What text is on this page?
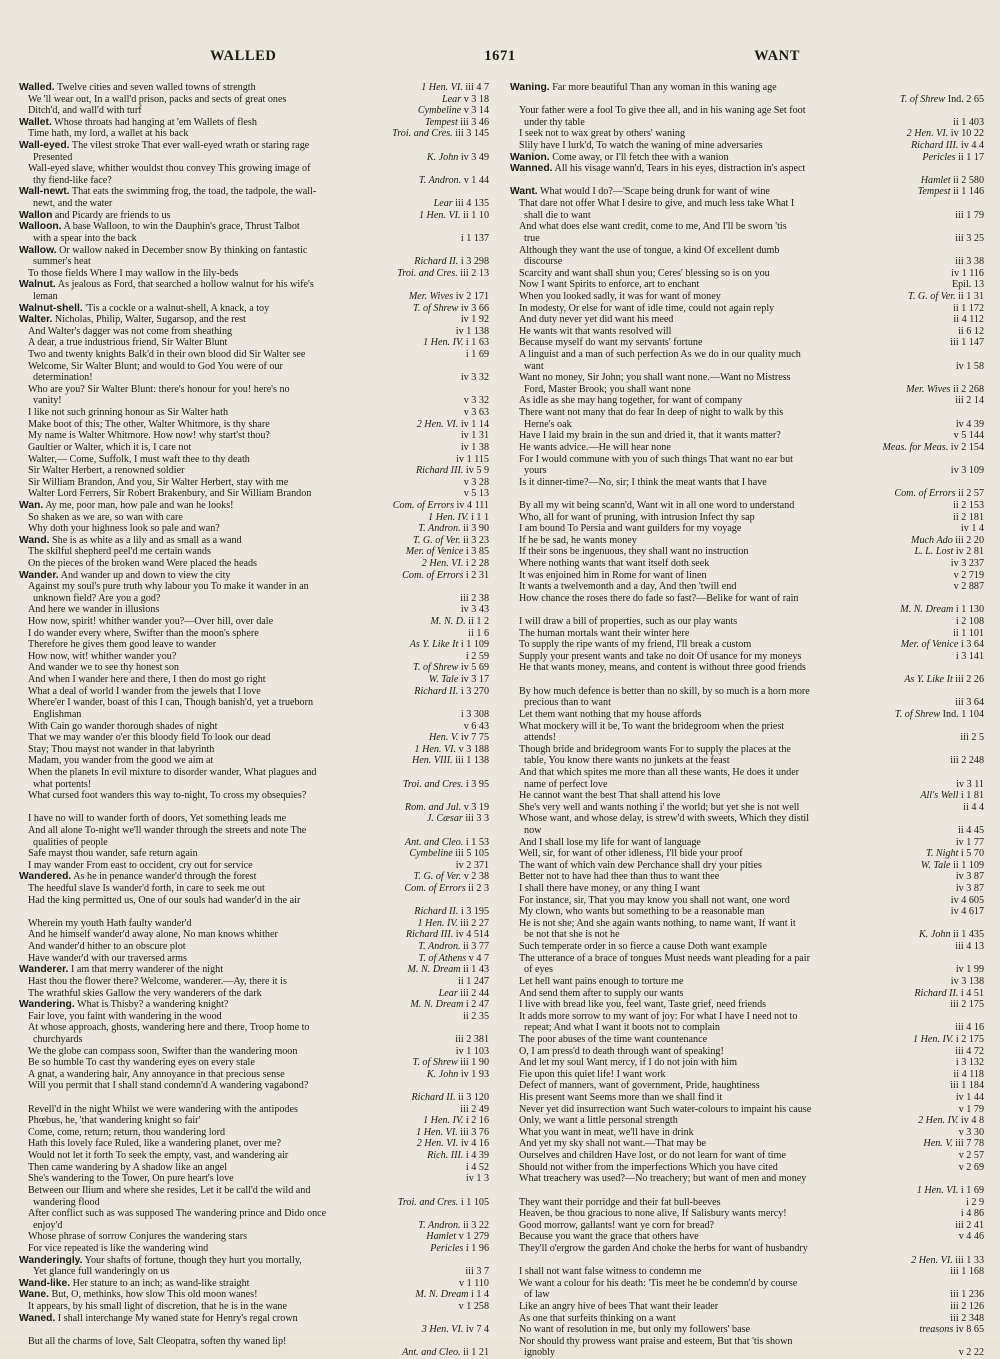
WALLED	1671	WANT
Walled. Twelve cities and seven walled towns of strength	1 Hen. VI. iii 4 7
We 'll wear out, In a wall'd prison, packs and sects of great ones	Lear v 3 18
Ditch'd, and wall'd with turf	Cymbeline v 3 14
Wallet. Whose throats had hanging at 'em Wallets of flesh	Tempest iii 3 46
Time hath, my lord, a wallet at his back	Troi. and Cres. iii 3 145
Wall-eyed. The vilest stroke That ever wall-eyed wrath or staring rage
Presented	K. John iv 3 49
Wall-eyed slave, whither wouldst thou convey This growing image of
thy fiend-like face?	T. Andron. v 1 44
Wall-newt. That eats the swimming frog, the toad, the tadpole, the wall-
newt, and the water	Lear iii 4 135
Wallon and Picardy are friends to us	1 Hen. VI. ii 1 10
Walloon. A base Walloon, to win the Dauphin's grace, Thrust Talbot
with a spear into the back	i 1 137
Wallow. Or wallow naked in December snow By thinking on fantastic
summer's heat	Richard II. i 3 298
To those fields Where I may wallow in the lily-beds	Troi. and Cres. iii 2 13
Walnut. As jealous as Ford, that searched a hollow walnut for his wife's
leman	Mer. Wives iv 2 171
Walnut-shell. 'Tis a cockle or a walnut-shell, A knack, a toy	T. of Shrew iv 3 66
Walter. Nicholas, Philip, Walter, Sugarsop, and the rest	iv 1 92
And Walter's dagger was not come from sheathing	iv 1 138
A dear, a true industrious friend, Sir Walter Blunt	1 Hen. IV. i 1 63
Two and twenty knights Balk'd in their own blood did Sir Walter see	i 1 69
Welcome, Sir Walter Blunt; and would to God You were of our
determination!	iv 3 32
Who are you? Sir Walter Blunt: there's honour for you! here's no
vanity!	v 3 32
I like not such grinning honour as Sir Walter hath	v 3 63
Make boot of this; The other, Walter Whitmore, is thy share	2 Hen. VI. iv 1 14
My name is Walter Whitmore. How now! why start'st thou?	iv 1 31
Gaultier or Walter, which it is, I care not	iv 1 38
Walter,— Come, Suffolk, I must waft thee to thy death	iv 1 115
Sir Walter Herbert, a renowned soldier	Richard III. iv 5 9
Sir William Brandon, And you, Sir Walter Herbert, stay with me	v 3 28
Walter Lord Ferrers, Sir Robert Brakenbury, and Sir William Brandon	v 5 13
Wan. Ay me, poor man, how pale and wan he looks!	Com. of Errors iv 4 111
So shaken as we are, so wan with care	1 Hen. IV. i 1 1
Why doth your highness look so pale and wan?	T. Andron. ii 3 90
Wand. She is as white as a lily and as small as a wand	T. G. of Ver. ii 3 23
The skilful shepherd peel'd me certain wands	Mer. of Venice i 3 85
On the pieces of the broken wand Were placed the heads	2 Hen. VI. i 2 28
Wander. And wander up and down to view the city	Com. of Errors i 2 31
Against my soul's pure truth why labour you To make it wander in an
unknown field? Are you a god?	iii 2 38
And here we wander in illusions	iv 3 43
How now, spirit! whither wander you?—Over hill, over dale	M. N. D. ii 1 2
I do wander every where, Swifter than the moon's sphere	ii 1 6
Therefore he gives them good leave to wander	As Y. Like It i 1 109
How now, wit! whither wander you?	i 2 59
And wander we to see thy honest son	T. of Shrew iv 5 69
And when I wander here and there, I then do most go right	W. Tale iv 3 17
What a deal of world I wander from the jewels that I love	Richard II. i 3 270
Where'er I wander, boast of this I can, Though banish'd, yet a trueborn
Englishman	i 3 308
With Cain go wander thorough shades of night	v 6 43
That we may wander o'er this bloody field To look our dead	Hen. V. iv 7 75
Stay; Thou mayst not wander in that labyrinth	1 Hen. VI. v 3 188
Madam, you wander from the good we aim at	Hen. VIII. iii 1 138
When the planets In evil mixture to disorder wander, What plagues and
what portents!	Troi. and Cres. i 3 95
What cursed foot wanders this way to-night, To cross my obsequies?
Rom. and Jul. v 3 19
I have no will to wander forth of doors, Yet something leads me	J. Cæsar iii 3 3
And all alone To-night we'll wander through the streets and note The
qualities of people	Ant. and Cleo. i 1 53
Safe mayst thou wander, safe return again	Cymbeline iii 5 105
I may wander From east to occident, cry out for service	iv 2 371
Wandered. As he in penance wander'd through the forest	T. G. of Ver. v 2 38
The heedful slave Is wander'd forth, in care to seek me out	Com. of Errors ii 2 3
Had the king permitted us, One of our souls had wander'd in the air
Richard II. i 3 195
Wherein my youth Hath faulty wander'd	1 Hen. IV. iii 2 27
And he himself wander'd away alone, No man knows whither	Richard III. iv 4 514
And wander'd hither to an obscure plot	T. Andron. ii 3 77
Have wander'd with our traversed arms	T. of Athens v 4 7
Wanderer. I am that merry wanderer of the night	M. N. Dream ii 1 43
Hast thou the flower there? Welcome, wanderer.—Ay, there it is	ii 1 247
The wrathful skies Gallow the very wanderers of the dark	Lear iii 2 44
Wandering. What is Thisby? a wandering knight?	M. N. Dream i 2 47
Fair love, you faint with wandering in the wood	ii 2 35
At whose approach, ghosts, wandering here and there, Troop home to
churchyards	iii 2 381
We the globe can compass soon, Swifter than the wandering moon	iv 1 103
Be so humble To cast thy wandering eyes on every stale	T. of Shrew iii 1 90
A gnat, a wandering hair, Any annoyance in that precious sense	K. John iv 1 93
Will you permit that I shall stand condemn'd A wandering vagabond?
Richard II. ii 3 120
Revell'd in the night Whilst we were wandering with the antipodes	iii 2 49
Phœbus, he, 'that wandering knight so fair'	1 Hen. IV. i 2 16
Come, come, return; return, thou wandering lord	1 Hen. VI. iii 3 76
Hath this lovely face Ruled, like a wandering planet, over me?	2 Hen. VI. iv 4 16
Would not let it forth To seek the empty, vast, and wandering air	Rich. III. i 4 39
Then came wandering by A shadow like an angel	i 4 52
She's wandering to the Tower, On pure heart's love	iv 1 3
Between our Ilium and where she resides, Let it be call'd the wild and
wandering flood	Troi. and Cres. i 1 105
After conflict such as was supposed The wandering prince and Dido once
enjoy'd	T. Andron. ii 3 22
Whose phrase of sorrow Conjures the wandering stars	Hamlet v 1 279
For vice repeated is like the wandering wind	Pericles i 1 96
Wanderingly. Your shafts of fortune, though they hurt you mortally,
Yet glance full wanderingly on us	iii 3 7
Wand-like. Her stature to an inch; as wand-like straight	v 1 110
Wane. But, O, methinks, how slow This old moon wanes!	M. N. Dream i 1 4
It appears, by his small light of discretion, that he is in the wane	v 1 258
Waned. I shall interchange My waned state for Henry's regal crown
3 Hen. VI. iv 7 4
But all the charms of love, Salt Cleopatra, soften thy waned lip!
Ant. and Cleo. ii 1 21
Waning. Far more beautiful Than any woman in this waning age
T. of Shrew Ind. 2 65
Your father were a fool To give thee all, and in his waning age Set foot
under thy table	ii 1 403
I seek not to wax great by others' waning	2 Hen. VI. iv 10 22
Slily have I lurk'd, To watch the waning of mine adversaries	Richard III. iv 4 4
Wanion. Come away, or I'll fetch thee with a wanion	Pericles ii 1 17
Wanned. All his visage wann'd, Tears in his eyes, distraction in's aspect
Hamlet ii 2 580
Want. What would I do?—'Scape being drunk for want of wine	Tempest ii 1 146
That dare not offer What I desire to give, and much less take What I
shall die to want	iii 1 79
And what does else want credit, come to me, And I'll be sworn 'tis
true	iii 3 25
Although they want the use of tongue, a kind Of excellent dumb
discourse	iii 3 38
Scarcity and want shall shun you; Ceres' blessing so is on you	iv 1 116
Now I want Spirits to enforce, art to enchant	Epil. 13
When you looked sadly, it was for want of money	T. G. of Ver. ii 1 31
In modesty, Or else for want of idle time, could not again reply	ii 1 172
And duty never yet did want his meed	ii 4 112
He wants wit that wants resolved will	ii 6 12
Because myself do want my servants' fortune	iii 1 147
A linguist and a man of such perfection As we do in our quality much
want	iv 1 58
Want no money, Sir John; you shall want none.—Want no Mistress
Ford, Master Brook; you shall want none	Mer. Wives ii 2 268
As idle as she may hang together, for want of company	iii 2 14
There want not many that do fear In deep of night to walk by this
Herne's oak	iv 4 39
Have I laid my brain in the sun and dried it, that it wants matter?	v 5 144
He wants advice.—He will hear none	Meas. for Meas. iv 2 154
For I would commune with you of such things That want no ear but
yours	iv 3 109
Is it dinner-time?—No, sir; I think the meat wants that I have
Com. of Errors ii 2 57
By all my wit being scann'd, Want wit in all one word to understand	ii 2 153
Who, all for want of pruning, with intrusion Infect thy sap	ii 2 181
I am bound To Persia and want guilders for my voyage	iv 1 4
If he be sad, he wants money	Much Ado iii 2 20
If their sons be ingenuous, they shall want no instruction	L. L. Lost iv 2 81
Where nothing wants that want itself doth seek	iv 3 237
It was enjoined him in Rome for want of linen	v 2 719
It wants a twelvemonth and a day, And then 'twill end	v 2 887
How chance the roses there do fade so fast?—Belike for want of rain
M. N. Dream i 1 130
I will draw a bill of properties, such as our play wants	i 2 108
The human mortals want their winter here	ii 1 101
To supply the ripe wants of my friend, I'll break a custom	Mer. of Venice i 3 64
Supply your present wants and take no doit Of usance for my moneys	i 3 141
He that wants money, means, and content is without three good friends
As Y. Like It iii 2 26
By how much defence is better than no skill, by so much is a horn more
precious than to want	iii 3 64
Let them want nothing that my house affords	T. of Shrew Ind. 1 104
What mockery will it be, To want the bridegroom when the priest
attends!	iii 2 5
Though bride and bridegroom wants For to supply the places at the
table, You know there wants no junkets at the feast	iii 2 248
And that which spites me more than all these wants, He does it under
name of perfect love	iv 3 11
He cannot want the best That shall attend his love	All's Well i 1 81
She's very well and wants nothing i' the world; but yet she is not well	ii 4 4
Whose want, and whose delay, is strew'd with sweets, Which they distil
now	ii 4 45
And I shall lose my life for want of language	iv 1 77
Well, sir, for want of other idleness, I'll bide your proof	T. Night i 5 70
The want of which vain dew Perchance shall dry your pities	W. Tale ii 1 109
Better not to have had thee than thus to want thee	iv 3 87
I shall there have money, or any thing I want	iv 3 87
For instance, sir, That you may know you shall not want, one word	iv 4 605
My clown, who wants but something to be a reasonable man	iv 4 617
He is not she; And she again wants nothing, to name want, If want it
be not that she is not he	K. John ii 1 435
Such temperate order in so fierce a cause Doth want example	iii 4 13
The utterance of a brace of tongues Must needs want pleading for a pair
of eyes	iv 1 99
Let hell want pains enough to torture me	iv 3 138
And send them after to supply our wants	Richard II. i 4 51
I live with bread like you, feel want, Taste grief, need friends	iii 2 175
It adds more sorrow to my want of joy: For what I have I need not to
repeat; And what I want it boots not to complain	iii 4 16
The poor abuses of the time want countenance	1 Hen. IV. i 2 175
O, I am press'd to death through want of speaking!	iii 4 72
And let my soul Want mercy, if I do not join with him	i 3 132
Fie upon this quiet life! I want work	ii 4 118
Defect of manners, want of government, Pride, haughtiness	iii 1 184
His present want Seems more than we shall find it	iv 1 44
Never yet did insurrection want Such water-colours to impaint his cause	v 1 79
Only, we want a little personal strength	2 Hen. IV. iv 4 8
What you want in meat, we'll have in drink	v 3 30
And yet my sky shall not want.—That may be	Hen. V. iii 7 78
Ourselves and children Have lost, or do not learn for want of time	v 2 57
Should not wither from the imperfections Which you have cited	v 2 69
What treachery was used?—No treachery; but want of men and money
1 Hen. VI. i 1 69
They want their porridge and their fat bull-beeves	i 2 9
Heaven, be thou gracious to none alive, If Salisbury wants mercy!	i 4 86
Good morrow, gallants! want ye corn for bread?	iii 2 41
Because you want the grace that others have	v 4 46
They'll o'ergrow the garden And choke the herbs for want of husbandry
2 Hen. VI. iii 1 33
I shall not want false witness to condemn me	iii 1 168
We want a colour for his death: 'Tis meet he be condemn'd by course
of law	iii 1 236
Like an angry hive of bees That want their leader	iii 2 126
As one that surfeits thinking on a want	iii 2 348
No want of resolution in me, but only my followers' base	treasons iv 8 65
Nor should thy prowess want praise and esteem, But that 'tis shown
ignobly	v 2 22
